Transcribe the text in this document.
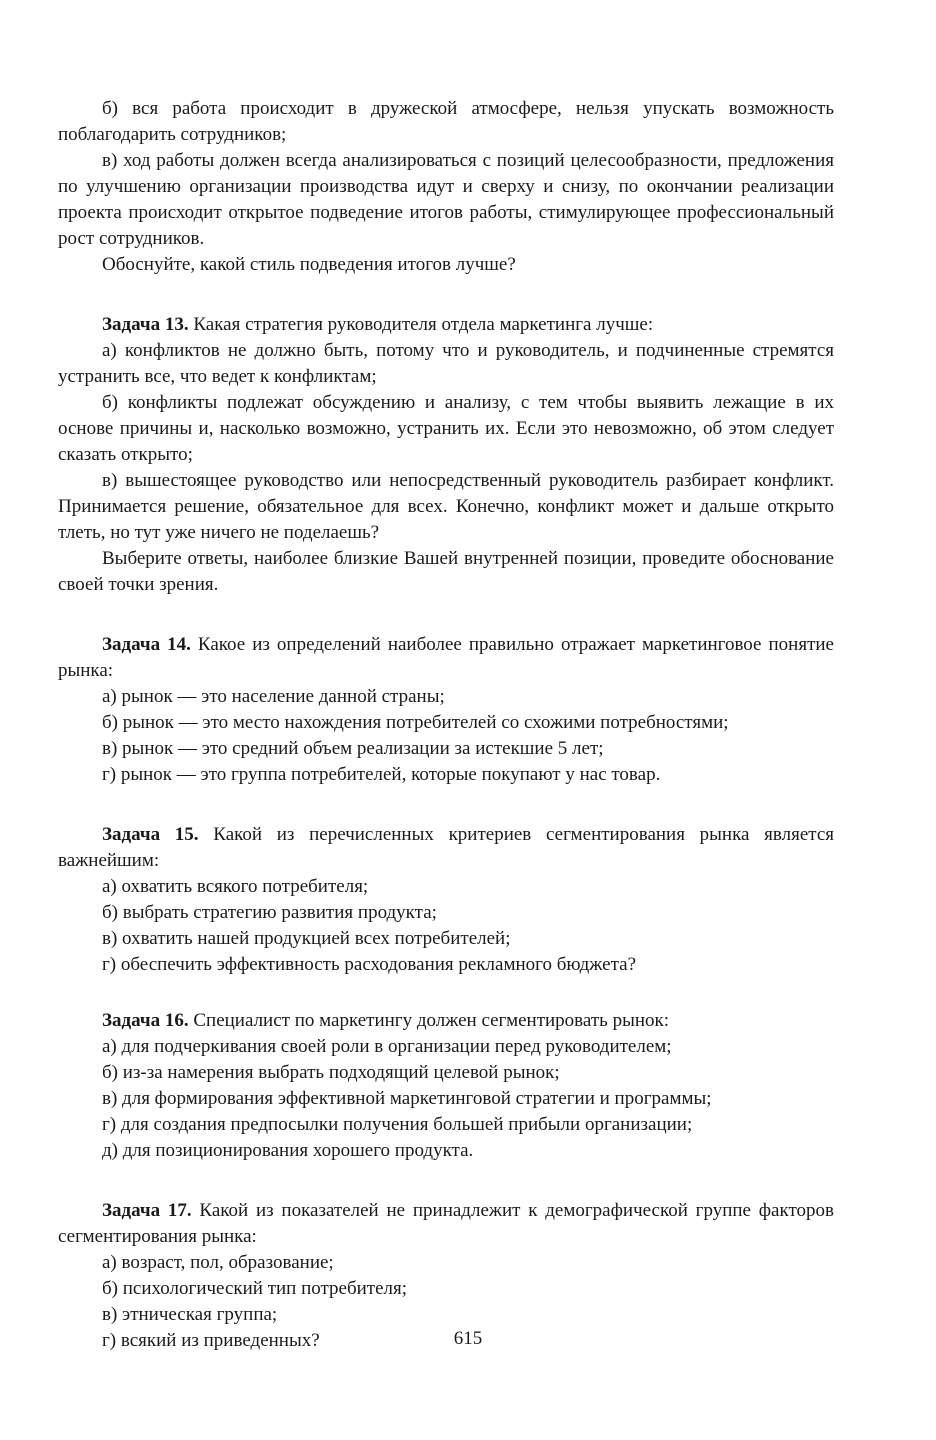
б) вся работа происходит в дружеской атмосфере, нельзя упускать возможность поблагодарить сотрудников;

в) ход работы должен всегда анализироваться с позиций целесообразности, предложения по улучшению организации производства идут и сверху и снизу, по окончании реализации проекта происходит открытое подведение итогов работы, стимулирующее профессиональный рост сотрудников.

Обоснуйте, какой стиль подведения итогов лучше?

Задача 13. Какая стратегия руководителя отдела маркетинга лучше:

а) конфликтов не должно быть, потому что и руководитель, и подчиненные стремятся устранить все, что ведет к конфликтам;

б) конфликты подлежат обсуждению и анализу, с тем чтобы выявить лежащие в их основе причины и, насколько возможно, устранить их. Если это невозможно, об этом следует сказать открыто;

в) вышестоящее руководство или непосредственный руководитель разбирает конфликт. Принимается решение, обязательное для всех. Конечно, конфликт может и дальше открыто тлеть, но тут уже ничего не поделаешь?

Выберите ответы, наиболее близкие Вашей внутренней позиции, проведите обоснование своей точки зрения.

Задача 14. Какое из определений наиболее правильно отражает маркетинговое понятие рынка:

а) рынок — это население данной страны;

б) рынок — это место нахождения потребителей со схожими потребностями;

в) рынок — это средний объем реализации за истекшие 5 лет;

г) рынок — это группа потребителей, которые покупают у нас товар.

Задача 15. Какой из перечисленных критериев сегментирования рынка является важнейшим:

а) охватить всякого потребителя;

б) выбрать стратегию развития продукта;

в) охватить нашей продукцией всех потребителей;

г) обеспечить эффективность расходования рекламного бюджета?

Задача 16. Специалист по маркетингу должен сегментировать рынок:

а) для подчеркивания своей роли в организации перед руководителем;

б) из-за намерения выбрать подходящий целевой рынок;

в) для формирования эффективной маркетинговой стратегии и программы;

г) для создания предпосылки получения большей прибыли организации;

д) для позиционирования хорошего продукта.

Задача 17. Какой из показателей не принадлежит к демографической группе факторов сегментирования рынка:

а) возраст, пол, образование;

б) психологический тип потребителя;

в) этническая группа;

г) всякий из приведенных?	615
